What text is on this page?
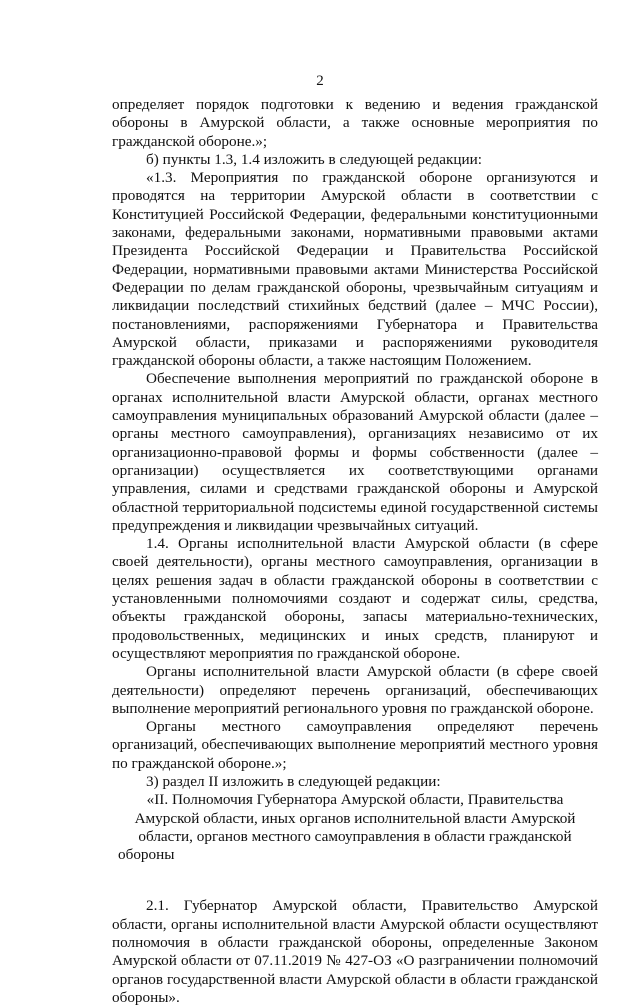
2

определяет порядок подготовки к ведению и ведения гражданской обороны в Амурской области, а также основные мероприятия по гражданской обороне.»;

б) пункты 1.3, 1.4 изложить в следующей редакции:

«1.3. Мероприятия по гражданской обороне организуются и проводятся на территории Амурской области в соответствии с Конституцией Российской Федерации, федеральными конституционными законами, федеральными законами, нормативными правовыми актами Президента Российской Федерации и Правительства Российской Федерации, нормативными правовыми актами Министерства Российской Федерации по делам гражданской обороны, чрезвычайным ситуациям и ликвидации последствий стихийных бедствий (далее – МЧС России), постановлениями, распоряжениями Губернатора и Правительства Амурской области, приказами и распоряжениями руководителя гражданской обороны области, а также настоящим Положением.

Обеспечение выполнения мероприятий по гражданской обороне в органах исполнительной власти Амурской области, органах местного самоуправления муниципальных образований Амурской области (далее – органы местного самоуправления), организациях независимо от их организационно-правовой формы и формы собственности (далее – организации) осуществляется их соответствующими органами управления, силами и средствами гражданской обороны и Амурской областной территориальной подсистемы единой государственной системы предупреждения и ликвидации чрезвычайных ситуаций.

1.4. Органы исполнительной власти Амурской области (в сфере своей деятельности), органы местного самоуправления, организации в целях решения задач в области гражданской обороны в соответствии с установленными полномочиями создают и содержат силы, средства, объекты гражданской обороны, запасы материально-технических, продовольственных, медицинских и иных средств, планируют и осуществляют мероприятия по гражданской обороне.

Органы исполнительной власти Амурской области (в сфере своей деятельности) определяют перечень организаций, обеспечивающих выполнение мероприятий регионального уровня по гражданской обороне.

Органы местного самоуправления определяют перечень организаций, обеспечивающих выполнение мероприятий местного уровня по гражданской обороне.»;

3) раздел II изложить в следующей редакции:

«II. Полномочия Губернатора Амурской области, Правительства Амурской области, иных органов исполнительной власти Амурской области, органов местного самоуправления в области гражданской обороны

2.1. Губернатор Амурской области, Правительство Амурской области, органы исполнительной власти Амурской области осуществляют полномочия в области гражданской обороны, определенные Законом Амурской области от 07.11.2019 № 427-ОЗ «О разграничении полномочий органов государственной власти Амурской области в области гражданской обороны».
